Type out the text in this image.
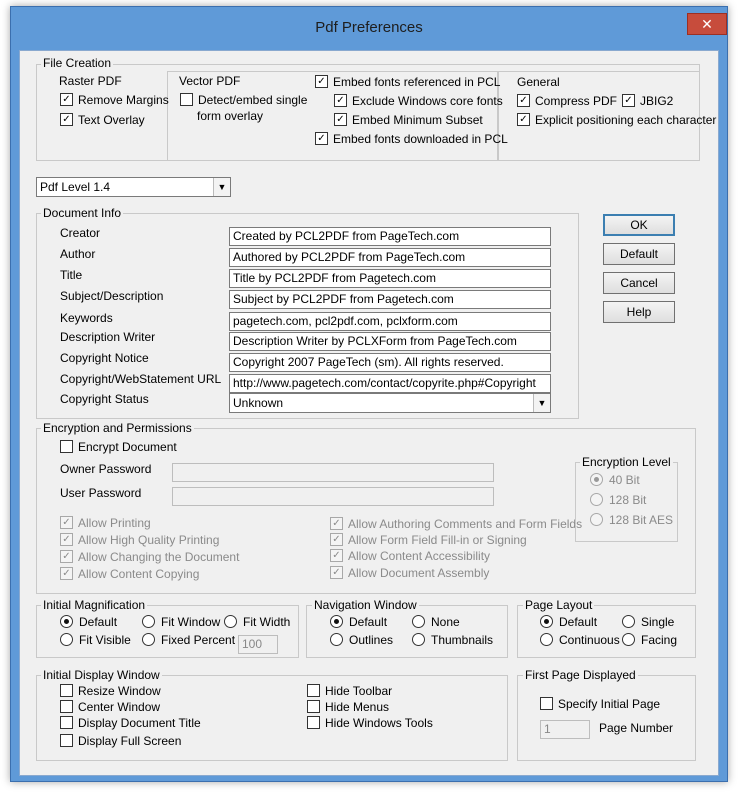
Pdf Preferences	✕
File Creation
Raster PDF
✓ Remove Margins
✓ Text Overlay
Vector PDF
Detect/embed single
form overlay
✓ Embed fonts referenced in PCL
✓ Exclude Windows core fonts
✓ Embed Minimum Subset
✓ Embed fonts downloaded in PCL
General
✓ Compress PDF ✓ JBIG2
✓ Explicit positioning each character
Pdf Level 1.4	▼
Document Info
Creator	Created by PCL2PDF from PageTech.com
Author	Authored by PCL2PDF from PageTech.com
Title	Title by PCL2PDF from Pagetech.com
Subject/Description	Subject by PCL2PDF from Pagetech.com
Keywords	pagetech.com, pcl2pdf.com, pclxform.com
Description Writer	Description Writer by PCLXForm from PageTech.com
Copyright Notice	Copyright 2007 PageTech (sm). All rights reserved.
Copyright/WebStatement URL http://www.pagetech.com/contact/copyrite.php#Copyright
Copyright Status	Unknown	▼
OK
Default
Cancel
Help
Encryption and Permissions
Encrypt Document
Owner Password
User Password
✓ Allow Printing
✓ Allow High Quality Printing
✓ Allow Changing the Document
✓ Allow Content Copying
✓ Allow Authoring Comments and Form Fields
✓ Allow Form Field Fill-in or Signing
✓ Allow Content Accessibility
✓ Allow Document Assembly
Encryption Level
40 Bit
128 Bit
128 Bit AES
Initial Magnification
Default	Fit Window	Fit Width
Fit Visible	Fixed Percent 100
Navigation Window
Default	None
Outlines	Thumbnails
Page Layout
Default	Single
Continuous	Facing
Initial Display Window
Resize Window
Center Window
Display Document Title
Display Full Screen
Hide Toolbar
Hide Menus
Hide Windows Tools
First Page Displayed
Specify Initial Page
1	Page Number
